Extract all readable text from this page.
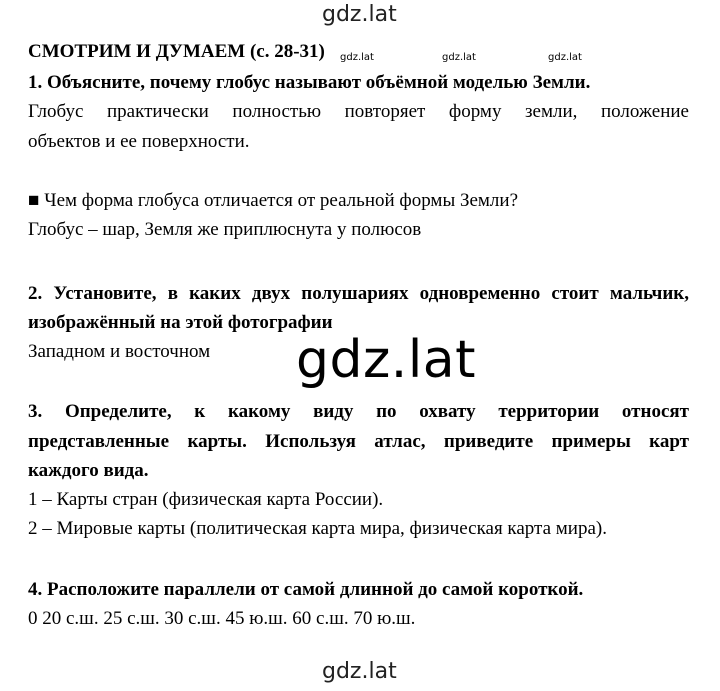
gdz.lat
gdz.lat	gdz.lat	gdz.lat
СМОТРИМ И ДУМАЕМ (с. 28-31)
1. Объясните, почему глобус называют объёмной моделью Земли.
Глобус практически полностью повторяет форму земли, положение
объектов и ее поверхности.
■ Чем форма глобуса отличается от реальной формы Земли?
Глобус – шар, Земля же приплюснута у полюсов
2. Установите, в каких двух полушариях одновременно стоит мальчик,
изображённый на этой фотографии
Западном и восточном gdz.lat
3. Определите, к какому виду по охвату территории относят
представленные карты. Используя атлас, приведите примеры карт
каждого вида.
1 – Карты стран (физическая карта России).
2 – Мировые карты (политическая карта мира, физическая карта мира).
4. Расположите параллели от самой длинной до самой короткой.
0 20 с.ш. 25 с.ш. 30 с.ш. 45 ю.ш. 60 с.ш. 70 ю.ш.
gdz.lat
